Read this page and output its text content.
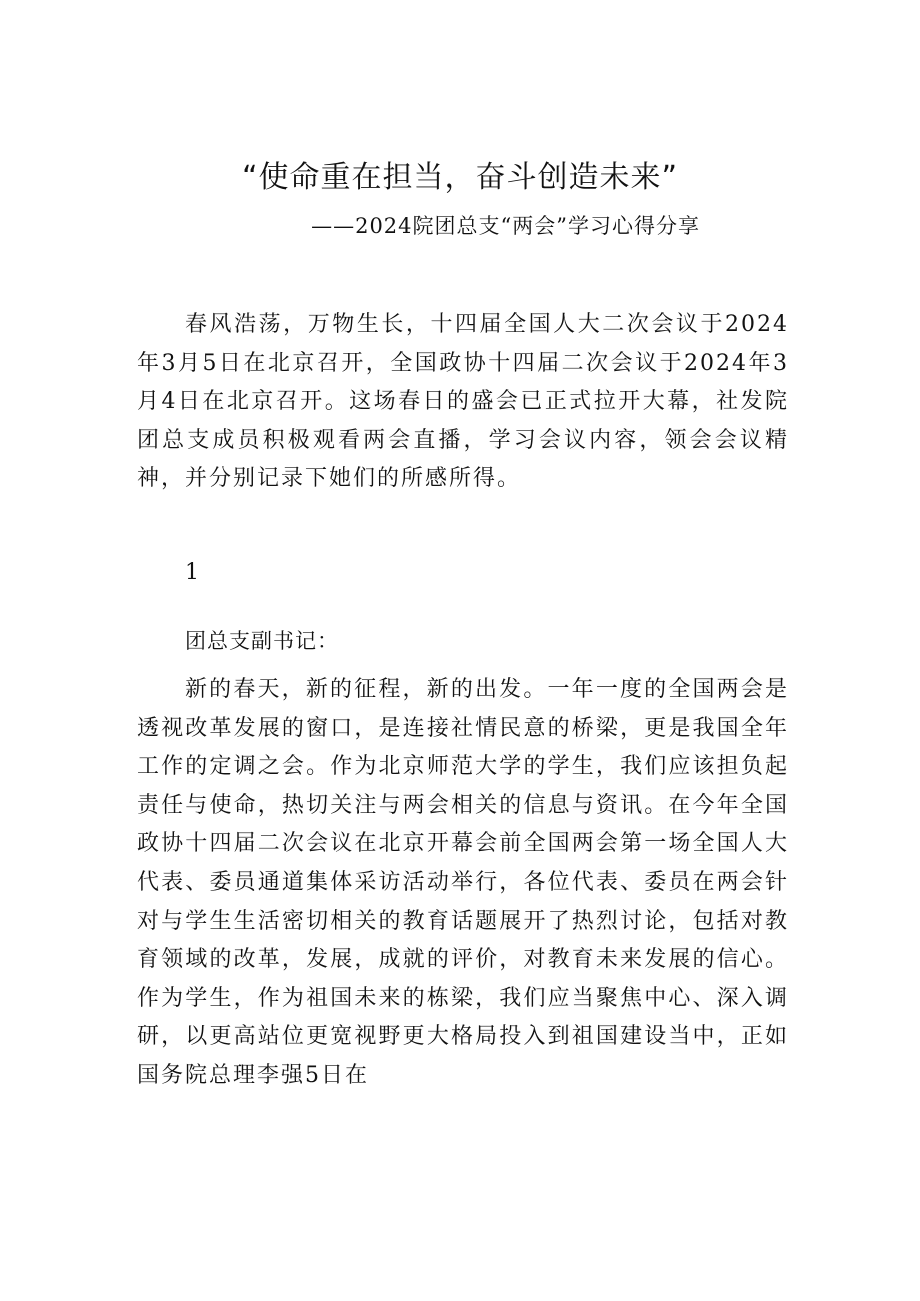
“使命重在担当，奋斗创造未来”
——2024院团总支“两会”学习心得分享

春风浩荡，万物生长，十四届全国人大二次会议于2024年3月5日在北京召开，全国政协十四届二次会议于2024年3月4日在北京召开。这场春日的盛会已正式拉开大幕，社发院团总支成员积极观看两会直播，学习会议内容，领会会议精神，并分别记录下她们的所感所得。

1
团总支副书记：

新的春天，新的征程，新的出发。一年一度的全国两会是透视改革发展的窗口，是连接社情民意的桥梁，更是我国全年工作的定调之会。作为北京师范大学的学生，我们应该担负起责任与使命，热切关注与两会相关的信息与资讯。在今年全国政协十四届二次会议在北京开幕会前全国两会第一场全国人大代表、委员通道集体采访活动举行，各位代表、委员在两会针对与学生生活密切相关的教育话题展开了热烈讨论，包括对教育领域的改革，发展，成就的评价，对教育未来发展的信心。作为学生，作为祖国未来的栋梁，我们应当聚焦中心、深入调研，以更高站位更宽视野更大格局投入到祖国建设当中，正如国务院总理李强5日在
